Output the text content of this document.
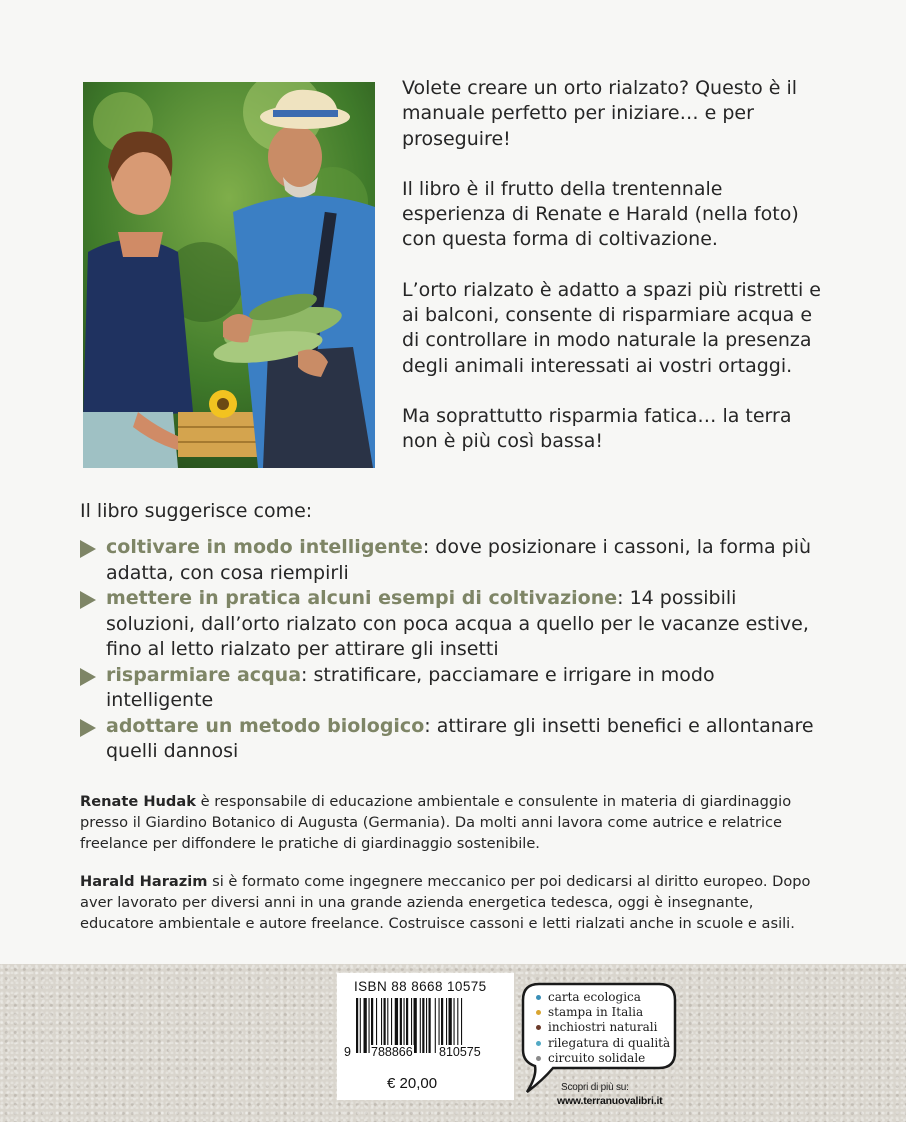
Volete creare un orto rialzato? Questo è il manuale perfetto per iniziare… e per proseguire!

Il libro è il frutto della trentennale esperienza di Renate e Harald (nella foto) con questa forma di coltivazione.

L’orto rialzato è adatto a spazi più ristretti e ai balconi, consente di risparmiare acqua e di controllare in modo naturale la presenza degli animali interessati ai vostri ortaggi.

Ma soprattutto risparmia fatica… la terra non è più così bassa!

Il libro suggerisce come:
coltivare in modo intelligente: dove posizionare i cassoni, la forma più adatta, con cosa riempirli
mettere in pratica alcuni esempi di coltivazione: 14 possibili soluzioni, dall’orto rialzato con poca acqua a quello per le vacanze estive, fino al letto rialzato per attirare gli insetti
risparmiare acqua: stratificare, pacciamare e irrigare in modo intelligente
adottare un metodo biologico: attirare gli insetti benefici e allontanare quelli dannosi
Renate Hudak è responsabile di educazione ambientale e consulente in materia di giardinaggio presso il Giardino Botanico di Augusta (Germania). Da molti anni lavora come autrice e relatrice freelance per diffondere le pratiche di giardinaggio sostenibile.
Harald Harazim si è formato come ingegnere meccanico per poi dedicarsi al diritto europeo. Dopo aver lavorato per diversi anni in una grande azienda energetica tedesca, oggi è insegnante, educatore ambientale e autore freelance. Costruisce cassoni e letti rialzati anche in scuole e asili.
ISBN 88 8668 10575
9 788866 810575
€ 20,00
carta ecologica
stampa in Italia
inchiostri naturali
rilegatura di qualità
circuito solidale
Scopri di più su:
www.terranuovalibri.it
